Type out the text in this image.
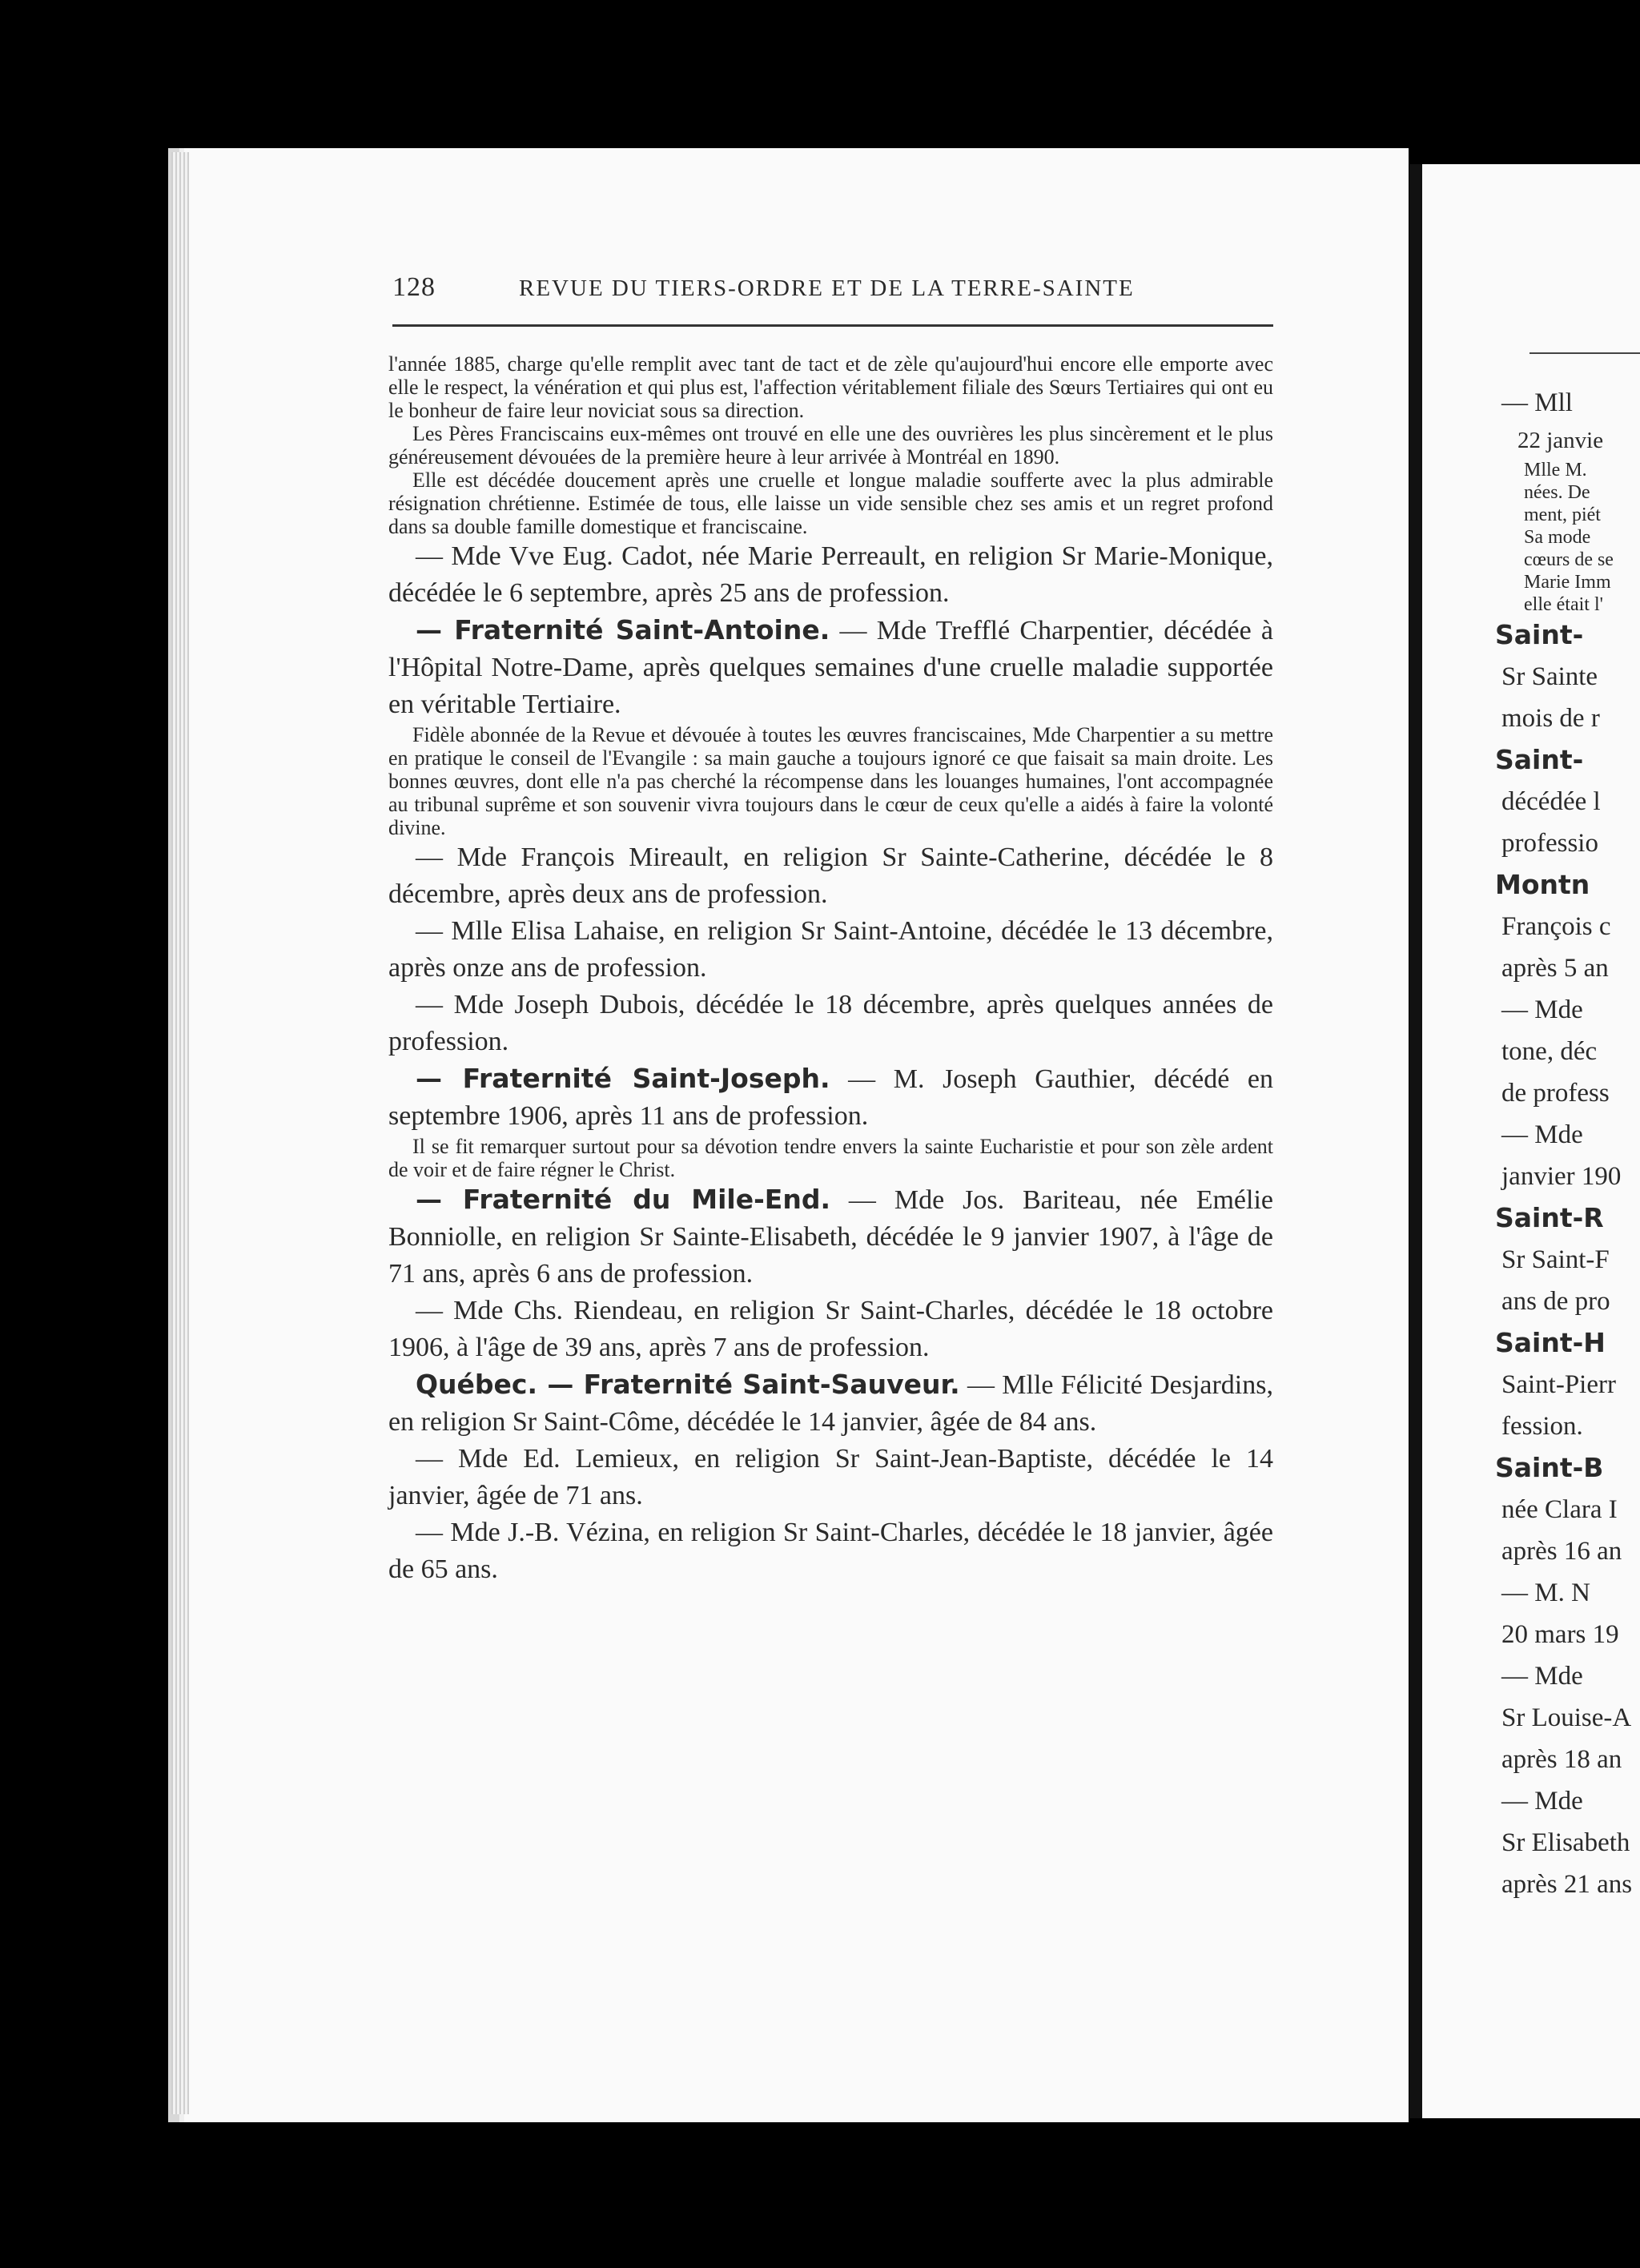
128	REVUE DU TIERS-ORDRE ET DE LA TERRE-SAINTE

l'année 1885, charge qu'elle remplit avec tant de tact et de zèle qu'aujourd'hui encore elle emporte avec elle le respect, la vénération et qui plus est, l'affection véritablement filiale des Sœurs Tertiaires qui ont eu le bonheur de faire leur noviciat sous sa direction.

Les Pères Franciscains eux-mêmes ont trouvé en elle une des ouvrières les plus sincèrement et le plus généreusement dévouées de la première heure à leur arrivée à Montréal en 1890.

Elle est décédée doucement après une cruelle et longue maladie soufferte avec la plus admirable résignation chrétienne. Estimée de tous, elle laisse un vide sensible chez ses amis et un regret profond dans sa double famille domestique et franciscaine.

— Mde Vve Eug. Cadot, née Marie Perreault, en religion Sr Marie-Monique, décédée le 6 septembre, après 25 ans de profession.

— Fraternité Saint-Antoine. — Mde Trefflé Charpentier, décédée à l'Hôpital Notre-Dame, après quelques semaines d'une cruelle maladie supportée en véritable Tertiaire.

Fidèle abonnée de la Revue et dévouée à toutes les œuvres franciscaines, Mde Charpentier a su mettre en pratique le conseil de l'Evangile : sa main gauche a toujours ignoré ce que faisait sa main droite. Les bonnes œuvres, dont elle n'a pas cherché la récompense dans les louanges humaines, l'ont accompagnée au tribunal suprême et son souvenir vivra toujours dans le cœur de ceux qu'elle a aidés à faire la volonté divine.

— Mde François Mireault, en religion Sr Sainte-Catherine, décédée le 8 décembre, après deux ans de profession.

— Mlle Elisa Lahaise, en religion Sr Saint-Antoine, décédée le 13 décembre, après onze ans de profession.

— Mde Joseph Dubois, décédée le 18 décembre, après quelques années de profession.

— Fraternité Saint-Joseph. — M. Joseph Gauthier, décédé en septembre 1906, après 11 ans de profession.

Il se fit remarquer surtout pour sa dévotion tendre envers la sainte Eucharistie et pour son zèle ardent de voir et de faire régner le Christ.

— Fraternité du Mile-End. — Mde Jos. Bariteau, née Emélie Bonniolle, en religion Sr Sainte-Elisabeth, décédée le 9 janvier 1907, à l'âge de 71 ans, après 6 ans de profession.

— Mde Chs. Riendeau, en religion Sr Saint-Charles, décédée le 18 octobre 1906, à l'âge de 39 ans, après 7 ans de profession.

Québec. — Fraternité Saint-Sauveur. — Mlle Félicité Desjardins, en religion Sr Saint-Côme, décédée le 14 janvier, âgée de 84 ans.

— Mde Ed. Lemieux, en religion Sr Saint-Jean-Baptiste, décédée le 14 janvier, âgée de 71 ans.

— Mde J.-B. Vézina, en religion Sr Saint-Charles, décédée le 18 janvier, âgée de 65 ans.

— Mll
22 janvie
Mlle M.
nées. De
ment, piét
Sa mode
cœurs de se
Marie Imm
elle était l'
Saint-
Sr Sainte
mois de r
Saint-
décédée l
professio
Montn
François c
après 5 an
— Mde
tone, déc
de profess
— Mde
janvier 190
Saint-R
Sr Saint-F
ans de pro
Saint-H
Saint-Pierr
fession.
Saint-B
née Clara I
après 16 an
— M. N
20 mars 19
— Mde
Sr Louise-A
après 18 an
— Mde
Sr Elisabeth
après 21 ans
